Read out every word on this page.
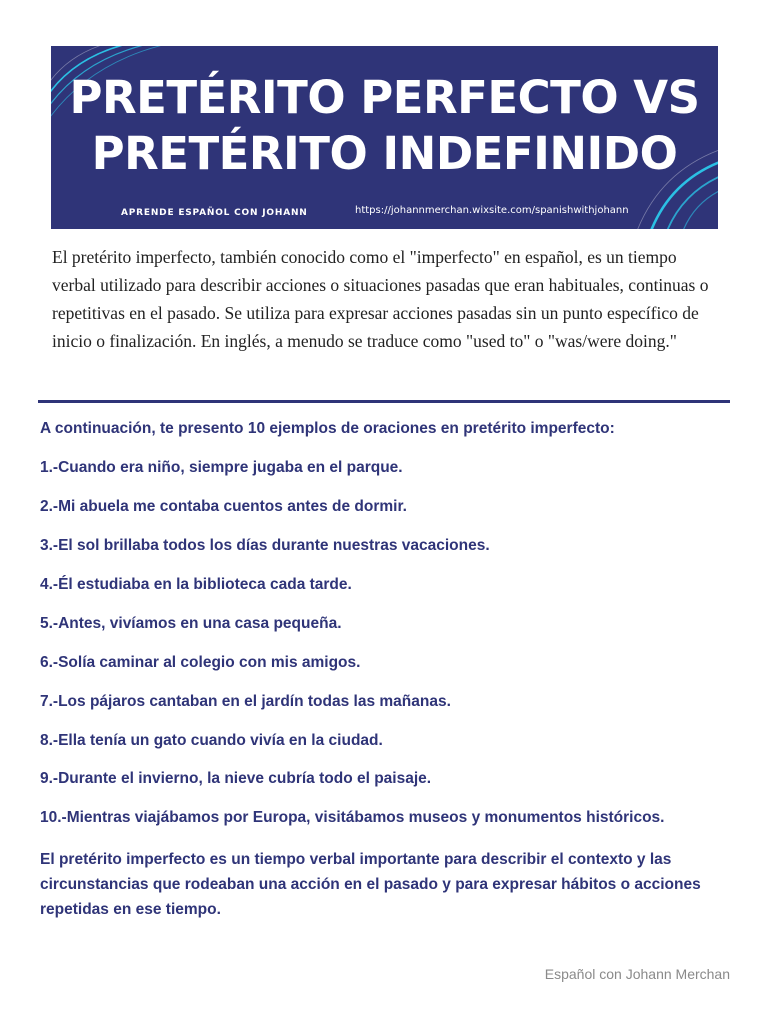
PRETÉRITO PERFECTO VS
PRETÉRITO INDEFINIDO
APRENDE ESPAÑOL CON JOHANN	https://johannmerchan.wixsite.com/spanishwithjohann

El pretérito imperfecto, también conocido como el "imperfecto" en español, es un tiempo verbal utilizado para describir acciones o situaciones pasadas que eran habituales, continuas o repetitivas en el pasado. Se utiliza para expresar acciones pasadas sin un punto específico de inicio o finalización. En inglés, a menudo se traduce como "used to" o "was/were doing."

A continuación, te presento 10 ejemplos de oraciones en pretérito imperfecto:

1.-Cuando era niño, siempre jugaba en el parque.

2.-Mi abuela me contaba cuentos antes de dormir.

3.-El sol brillaba todos los días durante nuestras vacaciones.

4.-Él estudiaba en la biblioteca cada tarde.

5.-Antes, vivíamos en una casa pequeña.

6.-Solía caminar al colegio con mis amigos.

7.-Los pájaros cantaban en el jardín todas las mañanas.

8.-Ella tenía un gato cuando vivía en la ciudad.

9.-Durante el invierno, la nieve cubría todo el paisaje.

10.-Mientras viajábamos por Europa, visitábamos museos y monumentos históricos.

El pretérito imperfecto es un tiempo verbal importante para describir el contexto y las circunstancias que rodeaban una acción en el pasado y para expresar hábitos o acciones repetidas en ese tiempo.

Español con Johann Merchan
